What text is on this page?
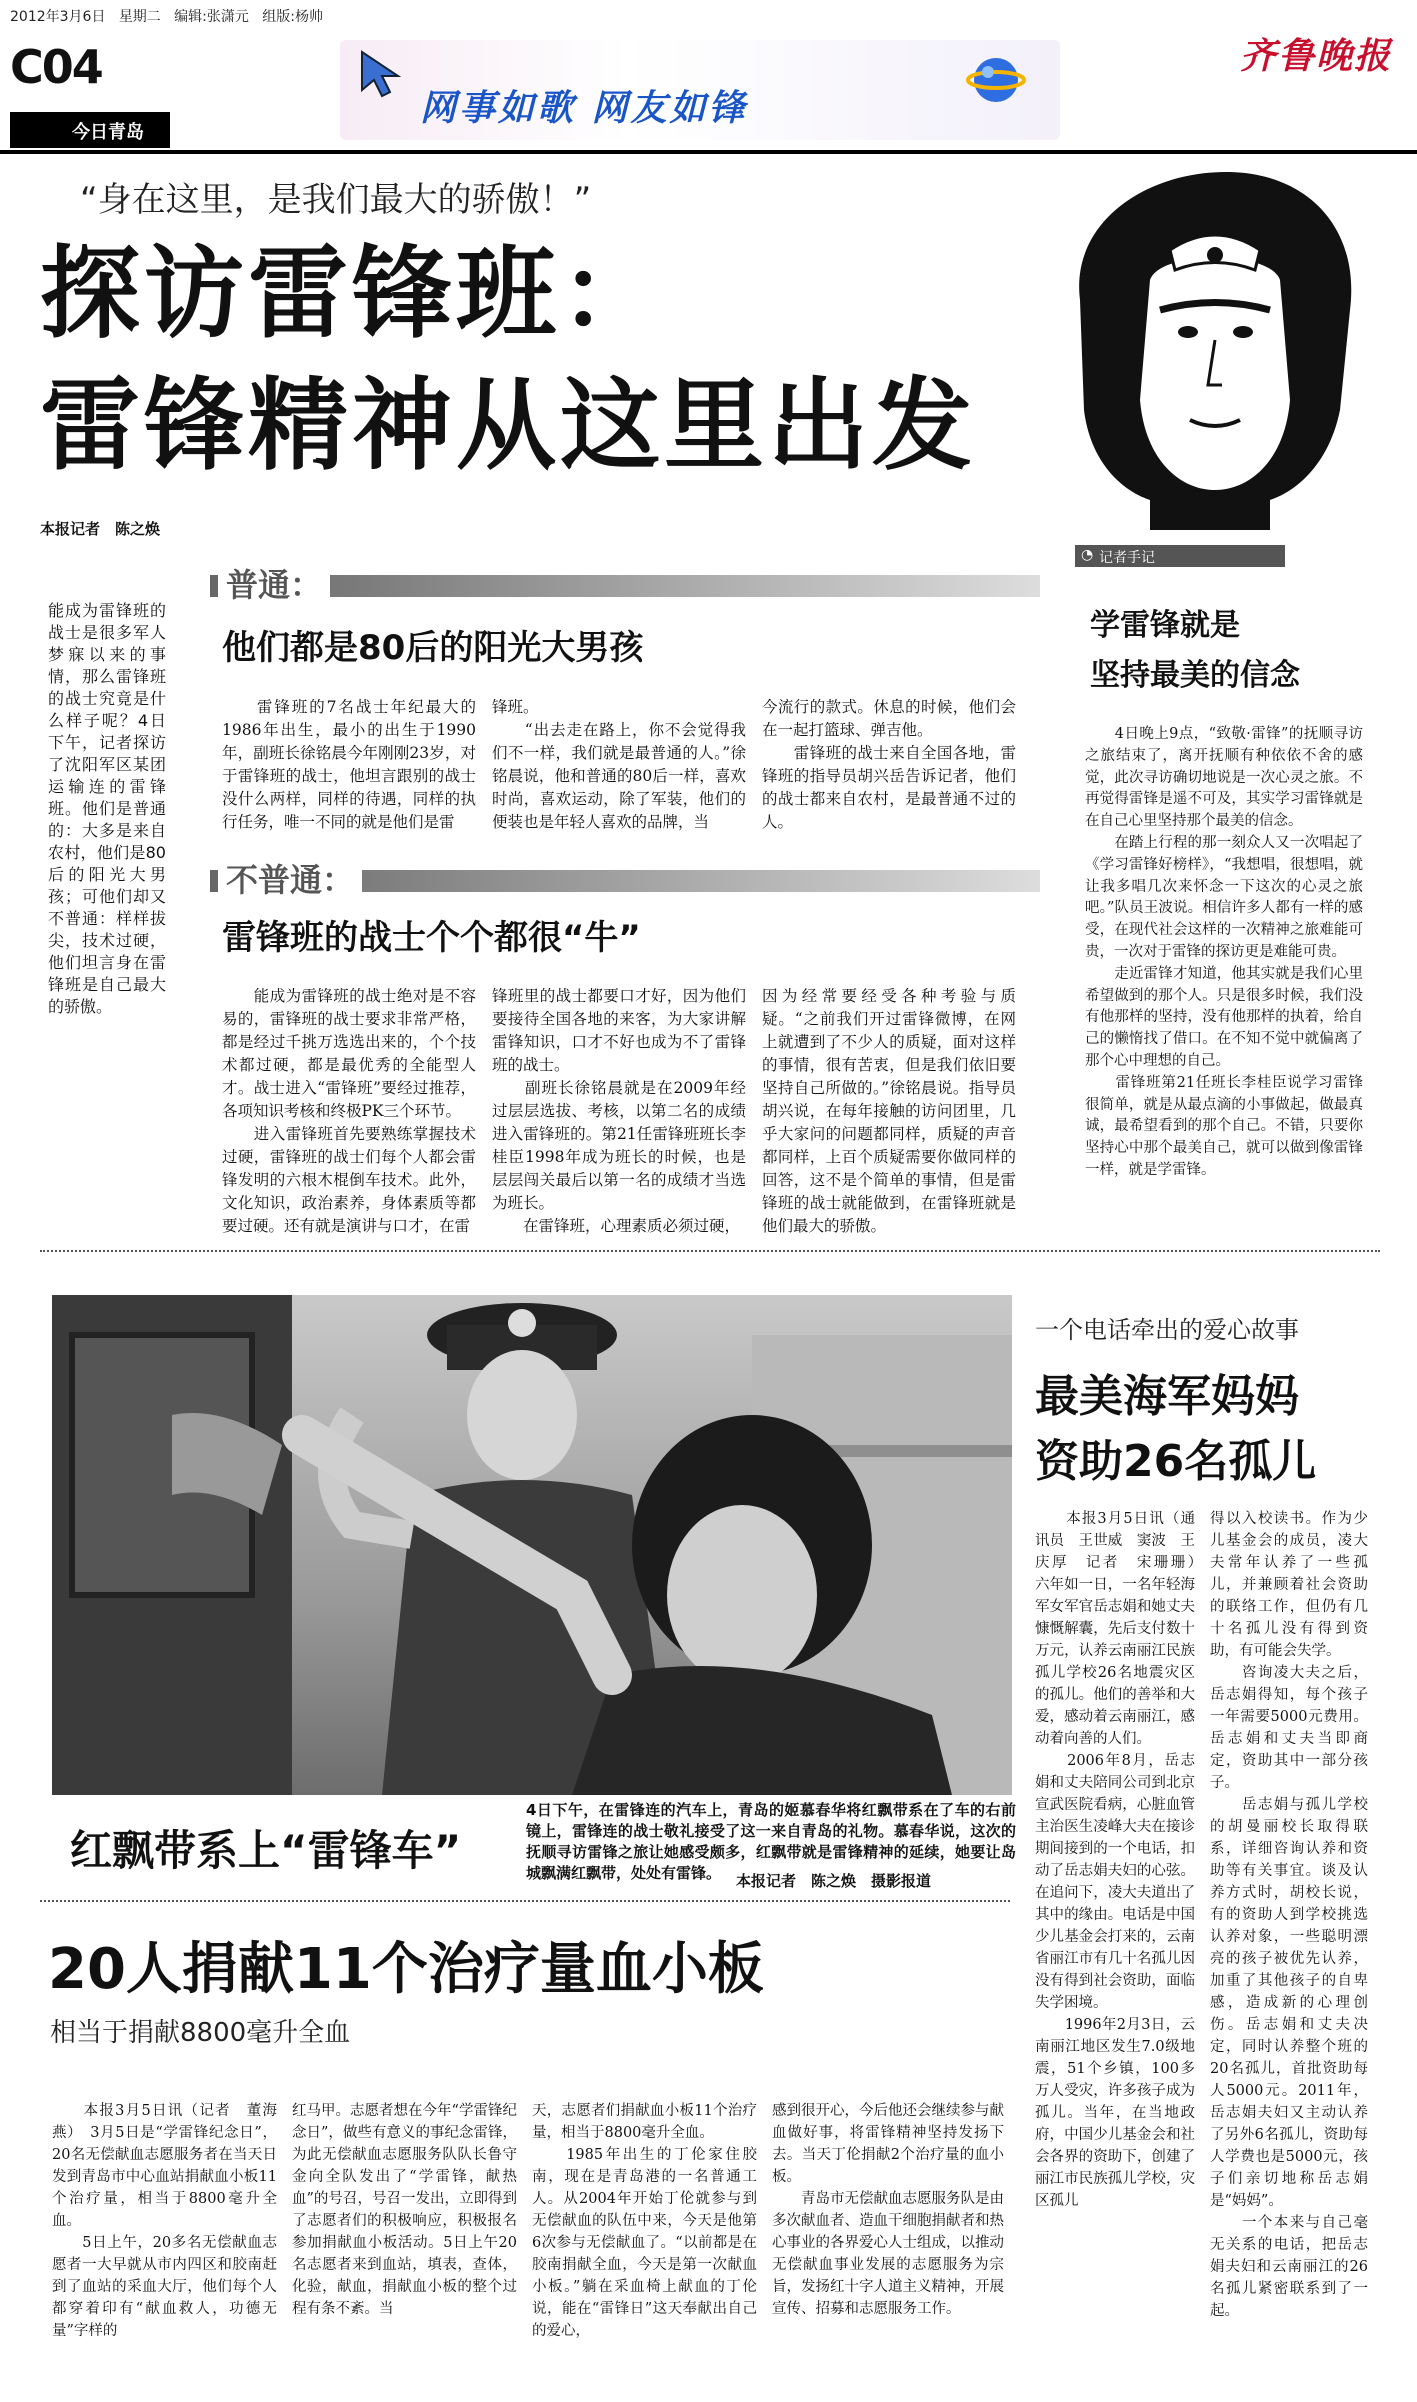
2012年3月6日 星期二 编辑:张潇元 组版:杨帅
C04
今日青岛
网事如歌 网友如锋
齐鲁晚报
“身在这里，是我们最大的骄傲！”
探访雷锋班：
雷锋精神从这里出发
本报记者　陈之焕
能成为雷锋班的战士是很多军人梦寐以来的事情，那么雷锋班的战士究竟是什么样子呢？4日下午，记者探访了沈阳军区某团运输连的雷锋班。他们是普通的：大多是来自农村，他们是80后的阳光大男孩；可他们却又不普通：样样拔尖，技术过硬，他们坦言身在雷锋班是自己最大的骄傲。
普通：
他们都是80后的阳光大男孩
　　雷锋班的7名战士年纪最大的1986年出生，最小的出生于1990年，副班长徐铭晨今年刚刚23岁，对于雷锋班的战士，他坦言跟别的战士没什么两样，同样的待遇，同样的执行任务，唯一不同的就是他们是雷
锋班。
　　“出去走在路上，你不会觉得我们不一样，我们就是最普通的人。”徐铭晨说，他和普通的80后一样，喜欢时尚，喜欢运动，除了军装，他们的便装也是年轻人喜欢的品牌，当
今流行的款式。休息的时候，他们会在一起打篮球、弹吉他。
　　雷锋班的战士来自全国各地，雷锋班的指导员胡兴岳告诉记者，他们的战士都来自农村，是最普通不过的人。
不普通：
雷锋班的战士个个都很“牛”
　　能成为雷锋班的战士绝对是不容易的，雷锋班的战士要求非常严格，都是经过千挑万选选出来的，个个技术都过硬，都是最优秀的全能型人才。战士进入“雷锋班”要经过推荐，各项知识考核和终极PK三个环节。
　　进入雷锋班首先要熟练掌握技术过硬，雷锋班的战士们每个人都会雷锋发明的六根木棍倒车技术。此外，文化知识，政治素养，身体素质等都要过硬。还有就是演讲与口才，在雷
锋班里的战士都要口才好，因为他们要接待全国各地的来客，为大家讲解雷锋知识，口才不好也成为不了雷锋班的战士。
　　副班长徐铭晨就是在2009年经过层层选拔、考核，以第二名的成绩进入雷锋班的。第21任雷锋班班长李桂臣1998年成为班长的时候，也是层层闯关最后以第一名的成绩才当选为班长。
　　在雷锋班，心理素质必须过硬，
因为经常要经受各种考验与质疑。“之前我们开过雷锋微博，在网上就遭到了不少人的质疑，面对这样的事情，很有苦衷，但是我们依旧要坚持自己所做的。”徐铭晨说。指导员胡兴说，在每年接触的访问团里，几乎大家问的问题都同样，质疑的声音都同样，上百个质疑需要你做同样的回答，这不是个简单的事情，但是雷锋班的战士就能做到，在雷锋班就是他们最大的骄傲。
◔ 记者手记
学雷锋就是
坚持最美的信念
　　4日晚上9点，“致敬·雷锋”的抚顺寻访之旅结束了，离开抚顺有种依依不舍的感觉，此次寻访确切地说是一次心灵之旅。不再觉得雷锋是遥不可及，其实学习雷锋就是在自己心里坚持那个最美的信念。
　　在踏上行程的那一刻众人又一次唱起了《学习雷锋好榜样》，“我想唱，很想唱，就让我多唱几次来怀念一下这次的心灵之旅吧。”队员王波说。相信许多人都有一样的感受，在现代社会这样的一次精神之旅难能可贵，一次对于雷锋的探访更是难能可贵。
　　走近雷锋才知道，他其实就是我们心里希望做到的那个人。只是很多时候，我们没有他那样的坚持，没有他那样的执着，给自己的懒惰找了借口。在不知不觉中就偏离了那个心中理想的自己。
　　雷锋班第21任班长李桂臣说学习雷锋很简单，就是从最点滴的小事做起，做最真诚，最希望看到的那个自己。不错，只要你坚持心中那个最美自己，就可以做到像雷锋一样，就是学雷锋。
红飘带系上“雷锋车”
4日下午，在雷锋连的汽车上，青岛的姬慕春华将红飘带系在了车的右前镜上，雷锋连的战士敬礼接受了这一来自青岛的礼物。慕春华说，这次的抚顺寻访雷锋之旅让她感受颇多，红飘带就是雷锋精神的延续，她要让岛城飘满红飘带，处处有雷锋。 本报记者　陈之焕　摄影报道
一个电话牵出的爱心故事
最美海军妈妈
资助26名孤儿
　　本报3月5日讯（通讯员　王世威　窦波　王庆厚　记者　宋珊珊）　六年如一日，一名年轻海军女军官岳志娟和她丈夫慷慨解囊，先后支付数十万元，认养云南丽江民族孤儿学校26名地震灾区的孤儿。他们的善举和大爱，感动着云南丽江，感动着向善的人们。
　　2006年8月，岳志娟和丈夫陪同公司到北京宣武医院看病，心脏血管主治医生凌峰大夫在接诊期间接到的一个电话，扣动了岳志娟夫妇的心弦。在追问下，凌大夫道出了其中的缘由。电话是中国少儿基金会打来的，云南省丽江市有几十名孤儿因没有得到社会资助，面临失学困境。
　　1996年2月3日，云南丽江地区发生7.0级地震，51个乡镇，100多万人受灾，许多孩子成为孤儿。当年，在当地政府，中国少儿基金会和社会各界的资助下，创建了丽江市民族孤儿学校，灾区孤儿
得以入校读书。作为少儿基金会的成员，凌大夫常年认养了一些孤儿，并兼顾着社会资助的联络工作，但仍有几十名孤儿没有得到资助，有可能会失学。
　　咨询凌大夫之后，岳志娟得知，每个孩子一年需要5000元费用。岳志娟和丈夫当即商定，资助其中一部分孩子。
　　岳志娟与孤儿学校的胡曼丽校长取得联系，详细咨询认养和资助等有关事宜。谈及认养方式时，胡校长说，有的资助人到学校挑选认养对象，一些聪明漂亮的孩子被优先认养，加重了其他孩子的自卑感，造成新的心理创伤。岳志娟和丈夫决定，同时认养整个班的20名孤儿，首批资助每人5000元。2011年，岳志娟夫妇又主动认养了另外6名孤儿，资助每人学费也是5000元，孩子们亲切地称岳志娟是“妈妈”。
　　一个本来与自己毫无关系的电话，把岳志娟夫妇和云南丽江的26名孤儿紧密联系到了一起。
20人捐献11个治疗量血小板
相当于捐献8800毫升全血
　　本报3月5日讯（记者　董海燕）　3月5日是“学雷锋纪念日”，20名无偿献血志愿服务者在当天日发到青岛市中心血站捐献血小板11个治疗量，相当于8800毫升全血。
　　5日上午，20多名无偿献血志愿者一大早就从市内四区和胶南赶到了血站的采血大厅，他们每个人都穿着印有“献血救人，功德无量”字样的
红马甲。志愿者想在今年“学雷锋纪念日”，做些有意义的事纪念雷锋，为此无偿献血志愿服务队队长鲁守金向全队发出了“学雷锋，献热血”的号召，号召一发出，立即得到了志愿者们的积极响应，积极报名参加捐献血小板活动。5日上午20名志愿者来到血站，填表，查体，化验，献血，捐献血小板的整个过程有条不紊。当
天，志愿者们捐献血小板11个治疗量，相当于8800毫升全血。
　　1985年出生的丁伦家住胶南，现在是青岛港的一名普通工人。从2004年开始丁伦就参与到无偿献血的队伍中来，今天是他第6次参与无偿献血了。“以前都是在胶南捐献全血，今天是第一次献血小板。”躺在采血椅上献血的丁伦说，能在“雷锋日”这天奉献出自己的爱心，
感到很开心，今后他还会继续参与献血做好事，将雷锋精神坚持发扬下去。当天丁伦捐献2个治疗量的血小板。
　　青岛市无偿献血志愿服务队是由多次献血者、造血干细胞捐献者和热心事业的各界爱心人士组成，以推动无偿献血事业发展的志愿服务为宗旨，发扬红十字人道主义精神，开展宣传、招募和志愿服务工作。
